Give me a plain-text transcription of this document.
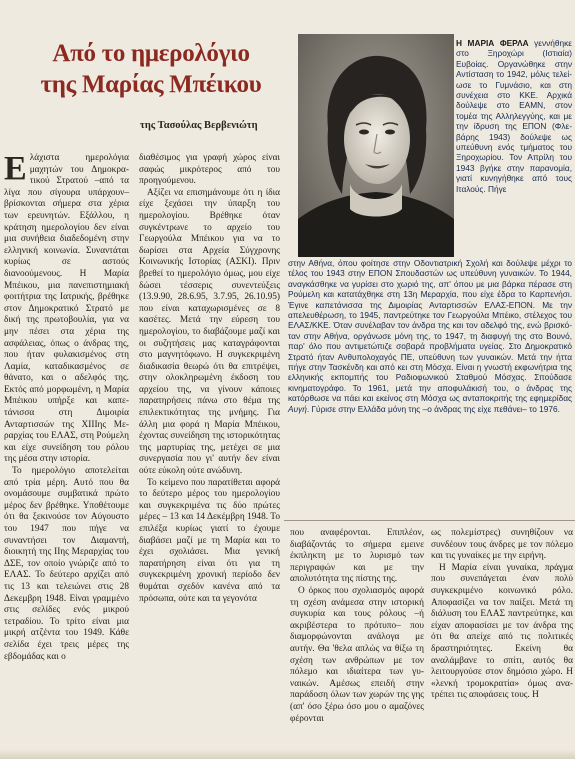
Από το ημερολόγιο
της Μαρίας Μπέικου
της Τασούλας Βερβενιώτη
Η ΜΑΡΙΑ ΦΕΡΛΑ γεννήθηκε στο Ξηροχώρι (Ιστιαία) Ευβοίας. Οργανώθηκε στην Αντίσταση το 1942, μόλις τελείωσε το Γυμνάσιο, και στη συνέχεια στο ΚΚΕ. Αρχικά δούλεψε στο ΕΑΜΝ, στον τομέα της Αλληλεγγύης, και με την ίδρυση της ΕΠΟΝ (Φλεβάρης 1943) δούλεψε ως υπεύθυνη ενός τμήματος του Ξηροχωρίου. Τον Απρίλη του 1943 βγήκε στην παρανομία, γιατί κυνηγήθηκε από τους Ιταλούς. Πήγε
στην Αθήνα, όπου φοίτησε στην Οδοντιατρική Σχολή και δούλεψε μέχρι το τέλος του 1943 στην ΕΠΟΝ Σπουδαστών ως υπεύθυνη γυναικών. Το 1944, αναγκάσθηκε να γυρίσει στο χωριό της, απ' όπου με μια βάρκα πέρασε στη Ρούμελη και κατατάχθηκε στη 13η Μεραρχία, που είχε έδρα το Καρπενήσι. Έγινε καπετάνισσα της Διμοιρίας Ανταρτισσών ΕΛΑΣ-ΕΠΟΝ. Με την απελευθέρωση, το 1945, παντρεύτηκε τον Γεωργούλα Μπέικο, στέλεχος του ΕΛΑΣ/ΚΚΕ. Όταν συνέλαβαν τον άνδρα της και τον αδελφό της, ενώ βρισκόταν στην Αθήνα, οργάνωσε μόνη της, το 1947, τη διαφυγή της στο Βουνό, παρ' όλο που αντιμετώπιζε σοβαρά προβλήματα υγείας. Στο Δημοκρατικό Στρατό ήταν Ανθυπολοχαγός ΠΕ, υπεύθυνη των γυναικών. Μετά την ήττα πήγε στην Τασκένδη και από κει στη Μόσχα. Είναι η γνωστή εκφωνήτρια της ελληνικής εκπομπής του Ραδιοφωνικού Σταθμού Μόσχας. Σπούδασε κινηματογράφο. Το 1961, μετά την αποφυλάκισή του, ο άνδρας της κατόρθωσε να πάει και εκείνος στη Μόσχα ως ανταποκριτής της εφημερίδας Αυγή. Γύρισε στην Ελλάδα μόνη της –ο άνδρας της είχε πεθάνει– το 1976.

Ελάχιστα ημερολόγια μαχητών του Δημοκρατικού Στρατού –από τα λίγα που σίγουρα υπάρχουν– βρίσκονται σήμερα στα χέρια των ερευνητών. Εξάλλου, η κράτηση ημερολογίου δεν είναι μια συνήθεια διαδεδομένη στην ελληνική κοινωνία. Συναντάται κυρίως σε αστούς διανοούμενους. Η Μαρία Μπέικου, μια πανεπιστημιακή φοιτήτρια της Ιατρικής, βρέθηκε στον Δημοκρατικό Στρατό με δική της πρωτοβουλία, για να μην πέσει στα χέρια της ασφάλειας, όπως ο άνδρας της, που ήταν φυλακισμένος στη Λαμία, καταδικασμένος σε θάνατο, και ο αδελφός της. Εκτός από μορφωμένη, η Μαρία Μπέικου υπήρξε και καπετάνισσα στη Διμοιρία Ανταρτισσών της ΧΙΙΙης Μεραρχίας του ΕΛΑΣ, στη Ρούμελη και είχε συνείδηση του ρόλου της μέσα στην ιστορία.

Το ημερολόγιο αποτελείται από τρία μέρη. Αυτό που θα ονομάσουμε συμβατικά πρώτο μέρος δεν βρέθηκε. Υποθέτουμε ότι θα ξεκινούσε τον Αύγουστο του 1947 που πήγε να συναντήσει τον Διαμαντή, διοικητή της ΙΙης Μεραρχίας του ΔΣΕ, τον οποίο γνώριζε από το ΕΛΑΣ. Το δεύτερο αρχίζει από τις 13 και τελειώνει στις 28 Δεκεμβρη 1948. Είναι γραμμένο στις σελίδες ενός μικρού τετραδίου. Το τρίτο είναι μια μικρή ατζέντα του 1949. Κάθε σελίδα έχει τρεις μέρες της εβδομάδας και ο

διαθέσιμος για γραφή χώρος είναι σαφώς μικρότερος από του προηγούμενου.

Αξίζει να επισημάνουμε ότι η ίδια είχε ξεχάσει την ύπαρξη του ημερολογίου. Βρέθηκε όταν συγκέντρωνε το αρχείο του Γεωργούλα Μπέικου για να το δωρίσει στα Αρχεία Σύγχρονης Κοινωνικής Ιστορίας (ΑΣΚΙ). Πριν βρεθεί το ημερολόγιο όμως, μου είχε δώσει τέσσερις συνεντεύξεις (13.9.90, 28.6.95, 3.7.95, 26.10.95) που είναι καταχωρισμένες σε 8 κασέτες. Μετά την εύρεση του ημερολογίου, το διαβάζουμε μαζί και οι συζητήσεις μας καταγράφονται στο μαγνητόφωνο. Η συγκεκριμένη διαδικασία θεωρώ ότι θα επιτρέψει, στην ολοκληρωμένη έκδοση του αρχείου της, να γίνουν κάποιες παρατηρήσεις πάνω στο θέμα της επιλεκτικότητας της μνήμης. Για άλλη μια φορά η Μαρία Μπέικου, έχοντας συνείδηση της ιστορικότητας της μαρτυρίας της, μετέχει σε μια συνεργασία που γι' αυτήν δεν είναι ούτε εύκολη ούτε ανώδυνη.

Το κείμενο που παρατίθεται αφορά το δεύτερο μέρος του ημερολογίου και συγκεκριμένα τις δύο πρώτες μέρες – 13 και 14 Δεκέμβρη 1948. Το επιλέξα κυρίως γιατί το έχουμε διαβάσει μαζί με τη Μαρία και το έχει σχολιάσει. Μια γενική παρατήρηση είναι ότι για τη συγκεκριμένη χρονική περίοδο δεν θυμάται σχεδόν κανένα από τα πρόσωπα, ούτε και τα γεγονότα

που αναφέρονται. Επιπλέον, διαβάζοντάς το σήμερα εμεινε έκπληκτη με το λυρισμό των περιγραφών και με την απολυτότητα της πίστης της.

Ο όρκος που σχολιασμός αφορά τη σχέση ανάμεσα στην ιστορική συγκυρία και τους ρόλους –ή ακριβέστερα το πρότυπο– που διαμορφώνονται ανάλογα με αυτήν. Θα 'θελα απλώς να θίξω τη σχέση των ανθρώπων με τον πόλεμο και ιδιαίτερα των γυναικών. Αμέσως επειδή στην παράδοση όλων των χωρών της γης (απ' όσο ξέρω όσο μου ο αμαζόνες φέρονται

ως πολεμίστρες) συνηθίζουν να συνδέουν τους άνδρες με τον πόλεμο και τις γυναίκες με την ειρήνη.

Η Μαρία είναι γυναίκα, πράγμα που συνεπάγεται έναν πολύ συγκεκριμένο κοινωνικό ρόλο. Αποφασίζει να τον παίξει. Μετά τη διάλυση του ΕΛΑΣ παντρεύτηκε, και είχαν αποφασίσει με τον άνδρα της ότι θα απείχε από τις πολιτικές δραστηριότητες. Εκείνη θα αναλάμβανε το σπίτι, αυτός θα λειτουργούσε στον δημόσιο χώρο. Η «λενκή τρομοκρατία» όμως ανατρέπει τις αποφάσεις τους. Η
